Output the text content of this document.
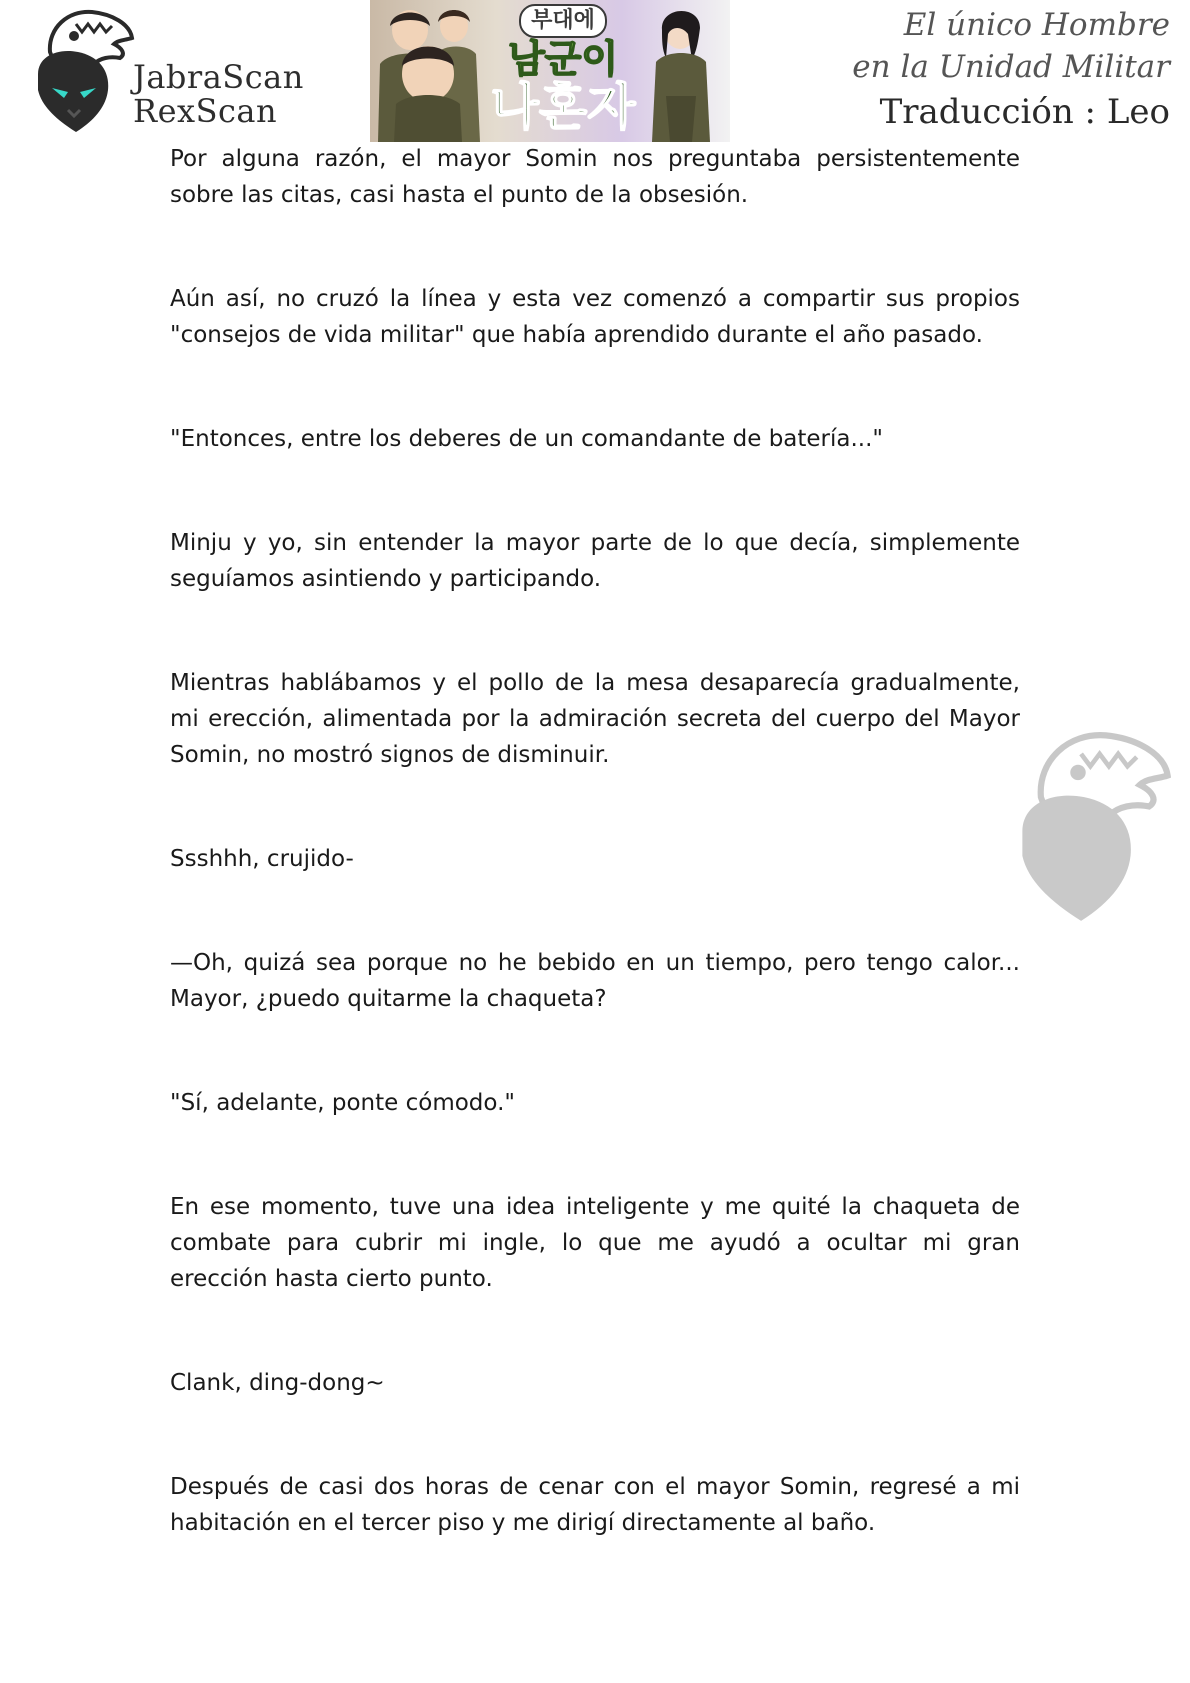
JabraScan
RexScan
부대에
남군이
나혼자
El único Hombre
en la Unidad Militar
Traducción : Leo

Por alguna razón, el mayor Somin nos preguntaba persistentemente sobre las citas, casi hasta el punto de la obsesión.

Aún así, no cruzó la línea y esta vez comenzó a compartir sus propios "consejos de vida militar" que había aprendido durante el año pasado.

"Entonces, entre los deberes de un comandante de batería..."

Minju y yo, sin entender la mayor parte de lo que decía, simplemente seguíamos asintiendo y participando.

Mientras hablábamos y el pollo de la mesa desaparecía gradualmente, mi erección, alimentada por la admiración secreta del cuerpo del Mayor Somin, no mostró signos de disminuir.

Ssshhh, crujido-

—Oh, quizá sea porque no he bebido en un tiempo, pero tengo calor... Mayor, ¿puedo quitarme la chaqueta?

"Sí, adelante, ponte cómodo."

En ese momento, tuve una idea inteligente y me quité la chaqueta de combate para cubrir mi ingle, lo que me ayudó a ocultar mi gran erección hasta cierto punto.

Clank, ding-dong~

Después de casi dos horas de cenar con el mayor Somin, regresé a mi habitación en el tercer piso y me dirigí directamente al baño.
